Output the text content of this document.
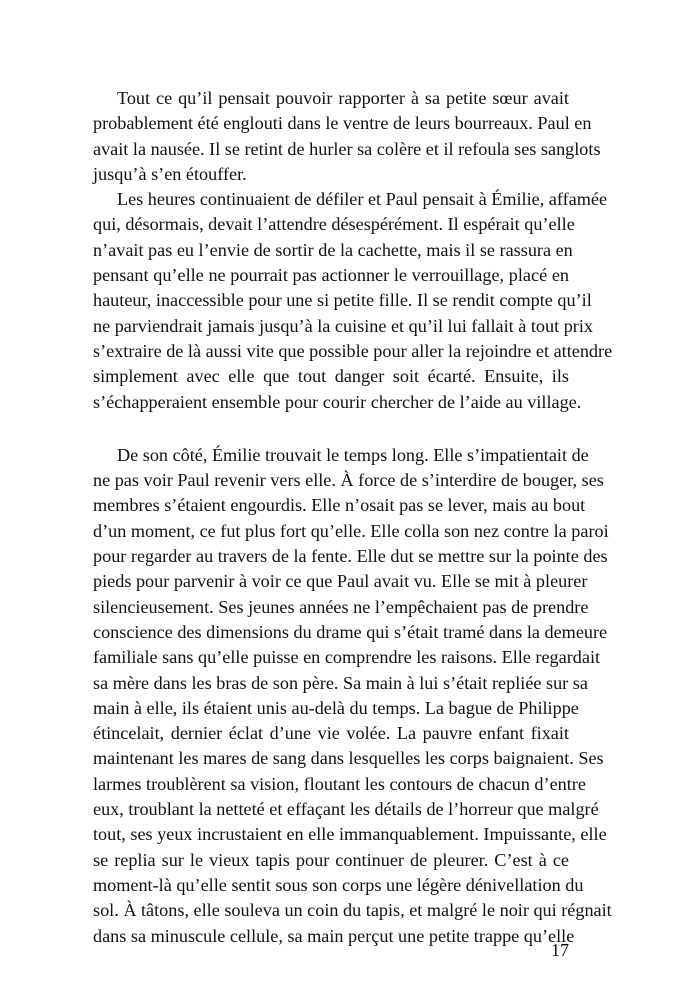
Tout ce qu’il pensait pouvoir rapporter à sa petite sœur avait
probablement été englouti dans le ventre de leurs bourreaux. Paul en
avait la nausée. Il se retint de hurler sa colère et il refoula ses sanglots
jusqu’à s’en étouffer.
Les heures continuaient de défiler et Paul pensait à Émilie, affamée
qui, désormais, devait l’attendre désespérément. Il espérait qu’elle
n’avait pas eu l’envie de sortir de la cachette, mais il se rassura en
pensant qu’elle ne pourrait pas actionner le verrouillage, placé en
hauteur, inaccessible pour une si petite fille. Il se rendit compte qu’il
ne parviendrait jamais jusqu’à la cuisine et qu’il lui fallait à tout prix
s’extraire de là aussi vite que possible pour aller la rejoindre et attendre
simplement avec elle que tout danger soit écarté. Ensuite, ils
s’échapperaient ensemble pour courir chercher de l’aide au village.
De son côté, Émilie trouvait le temps long. Elle s’impatientait de
ne pas voir Paul revenir vers elle. À force de s’interdire de bouger, ses
membres s’étaient engourdis. Elle n’osait pas se lever, mais au bout
d’un moment, ce fut plus fort qu’elle. Elle colla son nez contre la paroi
pour regarder au travers de la fente. Elle dut se mettre sur la pointe des
pieds pour parvenir à voir ce que Paul avait vu. Elle se mit à pleurer
silencieusement. Ses jeunes années ne l’empêchaient pas de prendre
conscience des dimensions du drame qui s’était tramé dans la demeure
familiale sans qu’elle puisse en comprendre les raisons. Elle regardait
sa mère dans les bras de son père. Sa main à lui s’était repliée sur sa
main à elle, ils étaient unis au-delà du temps. La bague de Philippe
étincelait, dernier éclat d’une vie volée. La pauvre enfant fixait
maintenant les mares de sang dans lesquelles les corps baignaient. Ses
larmes troublèrent sa vision, floutant les contours de chacun d’entre
eux, troublant la netteté et effaçant les détails de l’horreur que malgré
tout, ses yeux incrustaient en elle immanquablement. Impuissante, elle
se replia sur le vieux tapis pour continuer de pleurer. C’est à ce
moment-là qu’elle sentit sous son corps une légère dénivellation du
sol. À tâtons, elle souleva un coin du tapis, et malgré le noir qui régnait
dans sa minuscule cellule, sa main perçut une petite trappe qu’elle
17
